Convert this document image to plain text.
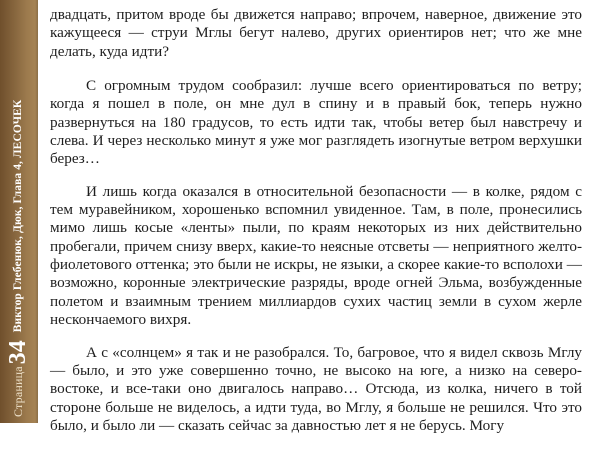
Страница
34
Виктор Глебенюк, Дюк, Глава 4, ЛЕСОЧЕК

двадцать, притом вроде бы движется направо; впрочем, наверное, движение это кажущееся — струи Мглы бегут налево, других ориентиров нет; что же мне делать, куда идти?

С огромным трудом сообразил: лучше всего ориентироваться по ветру; когда я пошел в поле, он мне дул в спину и в правый бок, теперь нужно развернуться на 180 градусов, то есть идти так, чтобы ветер был навстречу и слева. И через несколько минут я уже мог разглядеть изогнутые ветром верхушки берез…

И лишь когда оказался в относительной безопасности — в колке, рядом с тем муравейником, хорошенько вспомнил увиденное. Там, в поле, пронесились мимо лишь косые «ленты» пыли, по краям некоторых из них действительно пробегали, причем снизу вверх, какие-то неясные отсветы — неприятного желто-фиолетового оттенка; это были не искры, не языки, а скорее какие-то всполохи — возможно, коронные электрические разряды, вроде огней Эльма, возбужденные полетом и взаимным трением миллиардов сухих частиц земли в сухом жерле нескончаемого вихря.

А с «солнцем» я так и не разобрался. То, багровое, что я видел сквозь Мглу — было, и это уже совершенно точно, не высоко на юге, а низко на северо-востоке, и все-таки оно двигалось направо… Отсюда, из колка, ничего в той стороне больше не виделось, а идти туда, во Мглу, я больше не решился. Что это было, и было ли — сказать сейчас за давностью лет я не берусь. Могу
